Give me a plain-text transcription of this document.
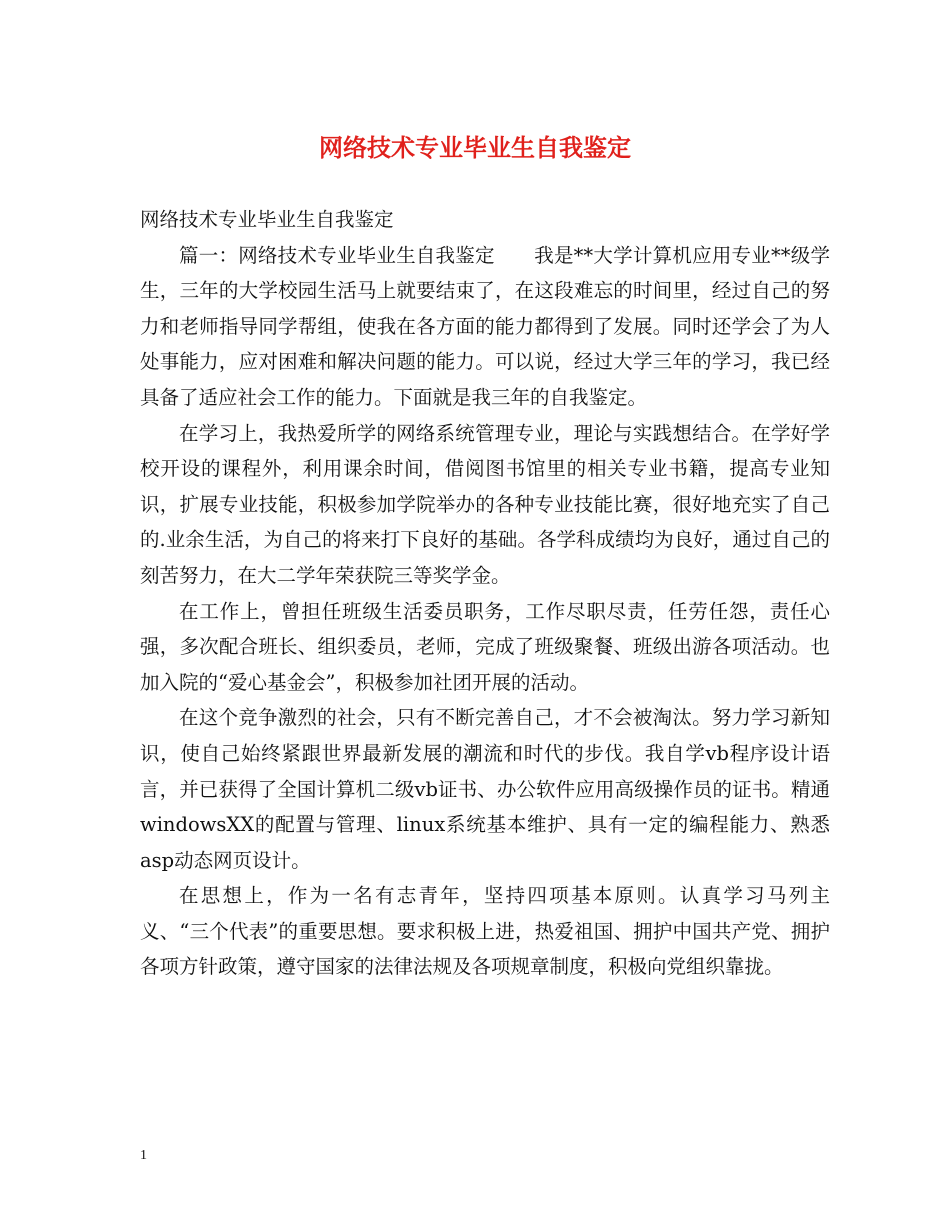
网络技术专业毕业生自我鉴定

网络技术专业毕业生自我鉴定

篇一：网络技术专业毕业生自我鉴定　　我是**大学计算机应用专业**级学生，三年的大学校园生活马上就要结束了，在这段难忘的时间里，经过自己的努力和老师指导同学帮组，使我在各方面的能力都得到了发展。同时还学会了为人处事能力，应对困难和解决问题的能力。可以说，经过大学三年的学习，我已经具备了适应社会工作的能力。下面就是我三年的自我鉴定。

在学习上，我热爱所学的网络系统管理专业，理论与实践想结合。在学好学校开设的课程外，利用课余时间，借阅图书馆里的相关专业书籍，提高专业知识，扩展专业技能，积极参加学院举办的各种专业技能比赛，很好地充实了自己的.业余生活，为自己的将来打下良好的基础。各学科成绩均为良好，通过自己的刻苦努力，在大二学年荣获院三等奖学金。

在工作上，曾担任班级生活委员职务，工作尽职尽责，任劳任怨，责任心强，多次配合班长、组织委员，老师，完成了班级聚餐、班级出游各项活动。也加入院的“爱心基金会”，积极参加社团开展的活动。

在这个竞争激烈的社会，只有不断完善自己，才不会被淘汰。努力学习新知识，使自己始终紧跟世界最新发展的潮流和时代的步伐。我自学vb程序设计语言，并已获得了全国计算机二级vb证书、办公软件应用高级操作员的证书。精通windowsXX的配置与管理、linux系统基本维护、具有一定的编程能力、熟悉asp动态网页设计。

在思想上，作为一名有志青年，坚持四项基本原则。认真学习马列主义、“三个代表”的重要思想。要求积极上进，热爱祖国、拥护中国共产党、拥护各项方针政策，遵守国家的法律法规及各项规章制度，积极向党组织靠拢。

1
